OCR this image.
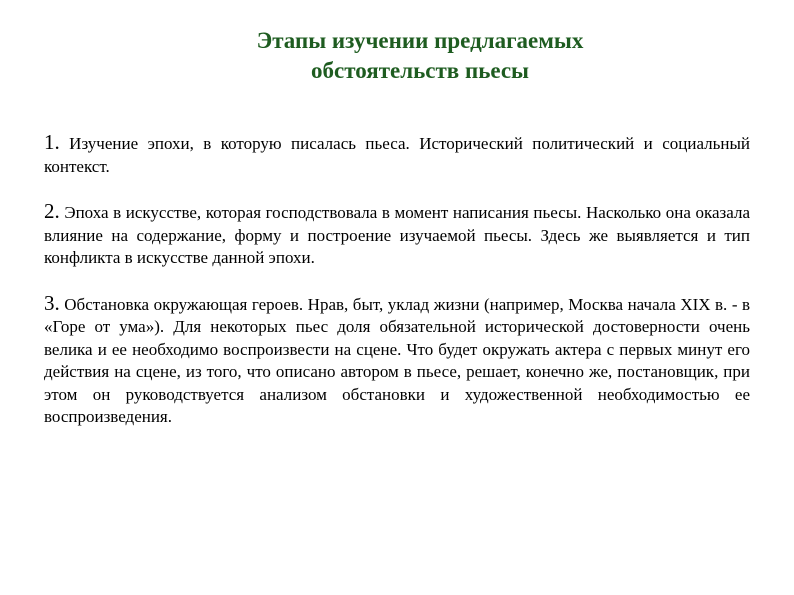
Этапы изучении предлагаемых
обстоятельств пьесы

1. Изучение эпохи, в которую писалась пьеса. Исторический политический и социальный контекст.

2. Эпоха в искусстве, которая господствовала в момент написания пьесы. Насколько она оказала влияние на содержание, форму и построение изучаемой пьесы. Здесь же выявляется и тип конфликта в искусстве данной эпохи.

3. Обстановка окружающая героев. Нрав, быт, уклад жизни (например, Москва начала XIX в. - в «Горе от ума»). Для некоторых пьес доля обязательной исторической достоверности очень велика и ее необходимо воспроизвести на сцене. Что будет окружать актера с первых минут его действия на сцене, из того, что описано автором в пьесе, решает, конечно же, постановщик, при этом он руководствуется анализом обстановки и художественной необходимостью ее воспроизведения.
